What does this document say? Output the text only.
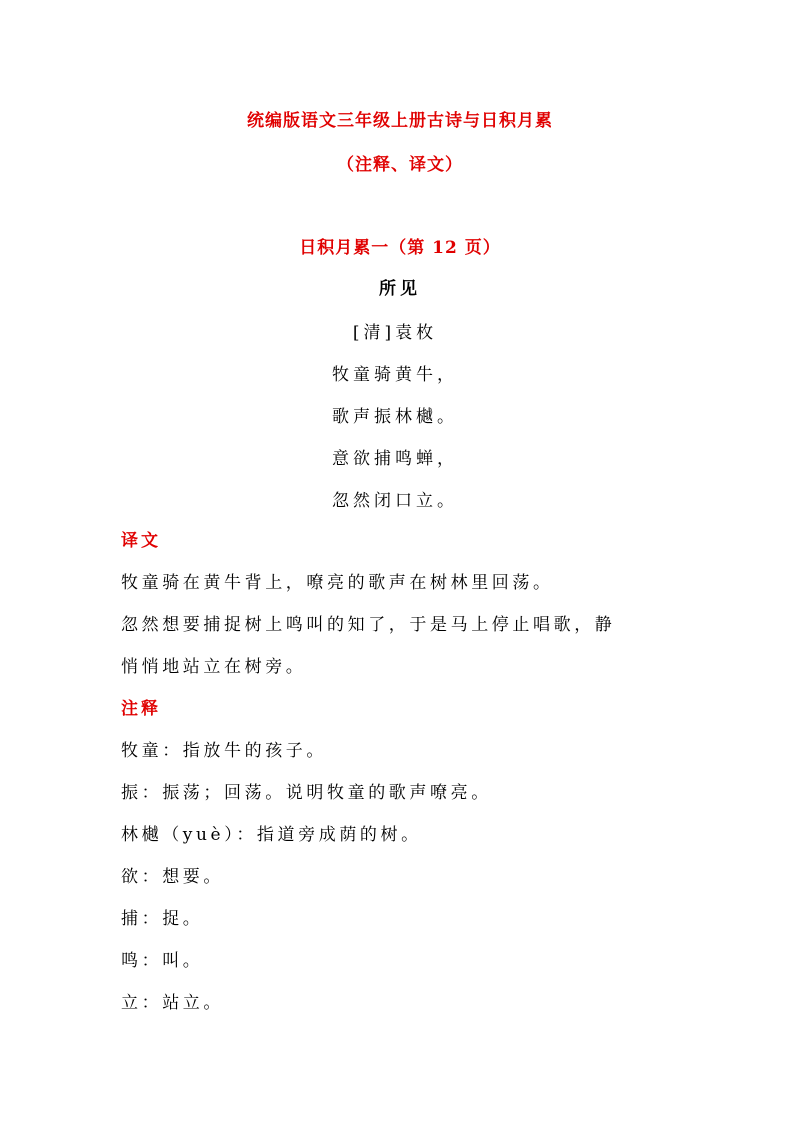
统编版语文三年级上册古诗与日积月累
（注释、译文）
日积月累一（第 12 页）
所见
[清]袁枚
牧童骑黄牛，
歌声振林樾。
意欲捕鸣蝉，
忽然闭口立。
译文
牧童骑在黄牛背上，嘹亮的歌声在树林里回荡。
忽然想要捕捉树上鸣叫的知了，于是马上停止唱歌，静
悄悄地站立在树旁。
注释
牧童：指放牛的孩子。
振：振荡；回荡。说明牧童的歌声嘹亮。
林樾（yuè）：指道旁成荫的树。
欲：想要。
捕：捉。
鸣：叫。
立：站立。
